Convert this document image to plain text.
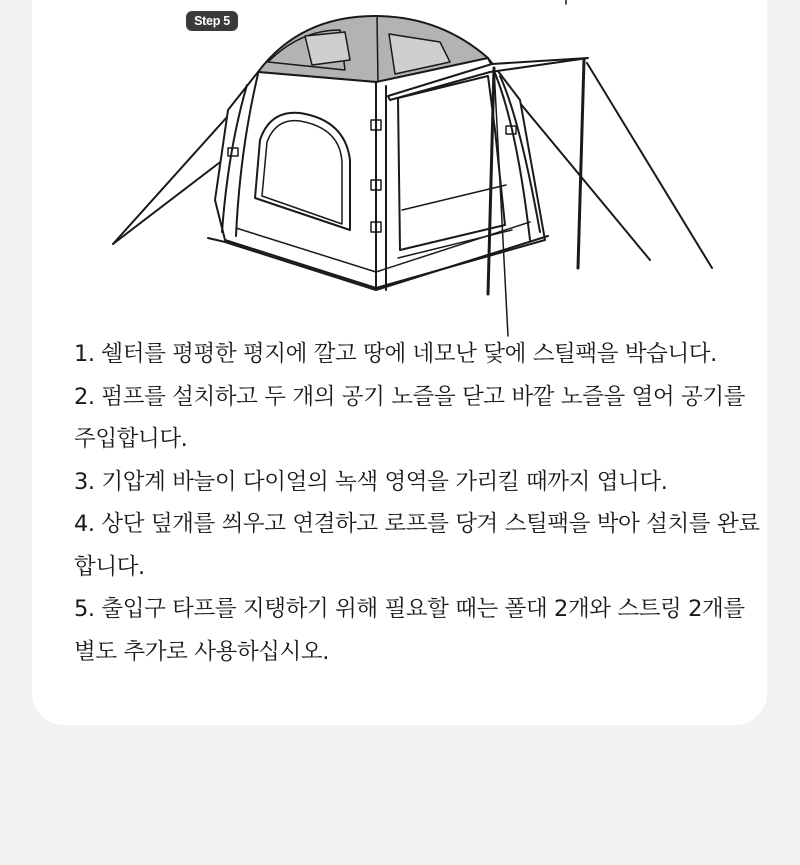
Step 5
1. 쉘터를 평평한 평지에 깔고 땅에 네모난 닻에 스틸팩을 박습니다.
2. 펌프를 설치하고 두 개의 공기 노즐을 닫고 바깥 노즐을 열어 공기를 주입합니다.
3. 기압계 바늘이 다이얼의 녹색 영역을 가리킬 때까지 엽니다.
4. 상단 덮개를 씌우고 연결하고 로프를 당겨 스틸팩을 박아 설치를 완료합니다.
5. 출입구 타프를 지탱하기 위해 필요할 때는 폴대 2개와 스트링 2개를 별도 추가로 사용하십시오.
